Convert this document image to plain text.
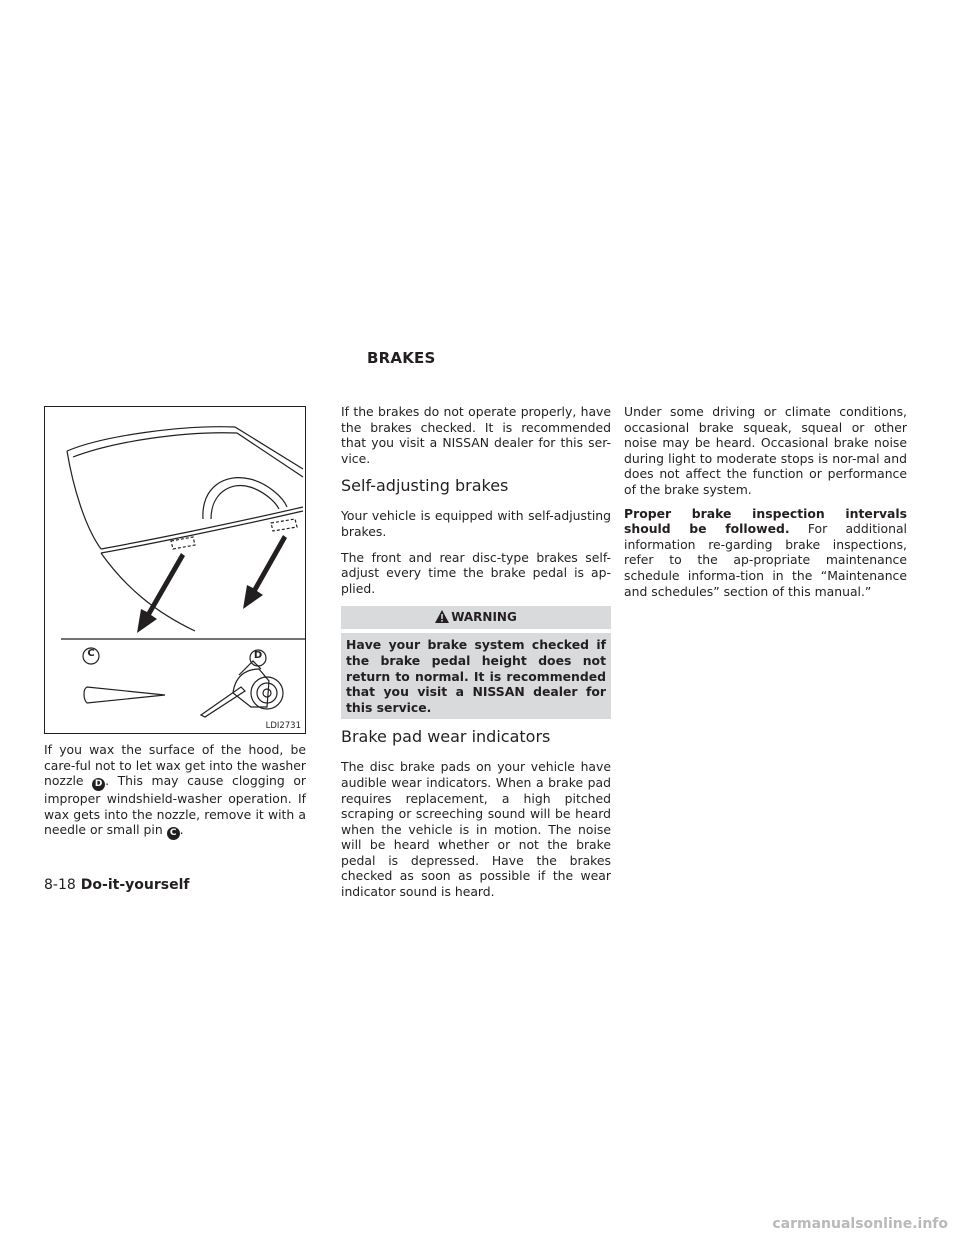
BRAKES
C	D
LDI2731

If you wax the surface of the hood, be care-ful not to let wax get into the washer nozzle D . This may cause clogging or improper windshield-washer operation. If wax gets into the nozzle, remove it with a needle or small pin C .

If the brakes do not operate properly, have the brakes checked. It is recommended that you visit a NISSAN dealer for this ser-vice.

Self-adjusting brakes

Your vehicle is equipped with self-adjusting brakes.

The front and rear disc-type brakes self-adjust every time the brake pedal is ap-plied.

WARNING
Have your brake system checked if the brake pedal height does not return to normal. It is recommended that you visit a NISSAN dealer for this service.
Brake pad wear indicators

The disc brake pads on your vehicle have audible wear indicators. When a brake pad requires replacement, a high pitched scraping or screeching sound will be heard when the vehicle is in motion. The noise will be heard whether or not the brake pedal is depressed. Have the brakes checked as soon as possible if the wear indicator sound is heard.

Under some driving or climate conditions, occasional brake squeak, squeal or other noise may be heard. Occasional brake noise during light to moderate stops is nor-mal and does not affect the function or performance of the brake system.

Proper brake inspection intervals should be followed. For additional information re-garding brake inspections, refer to the ap-propriate maintenance schedule informa-tion in the “Maintenance and schedules” section of this manual.”

8-18 Do-it-yourself
carmanualsonline.info
